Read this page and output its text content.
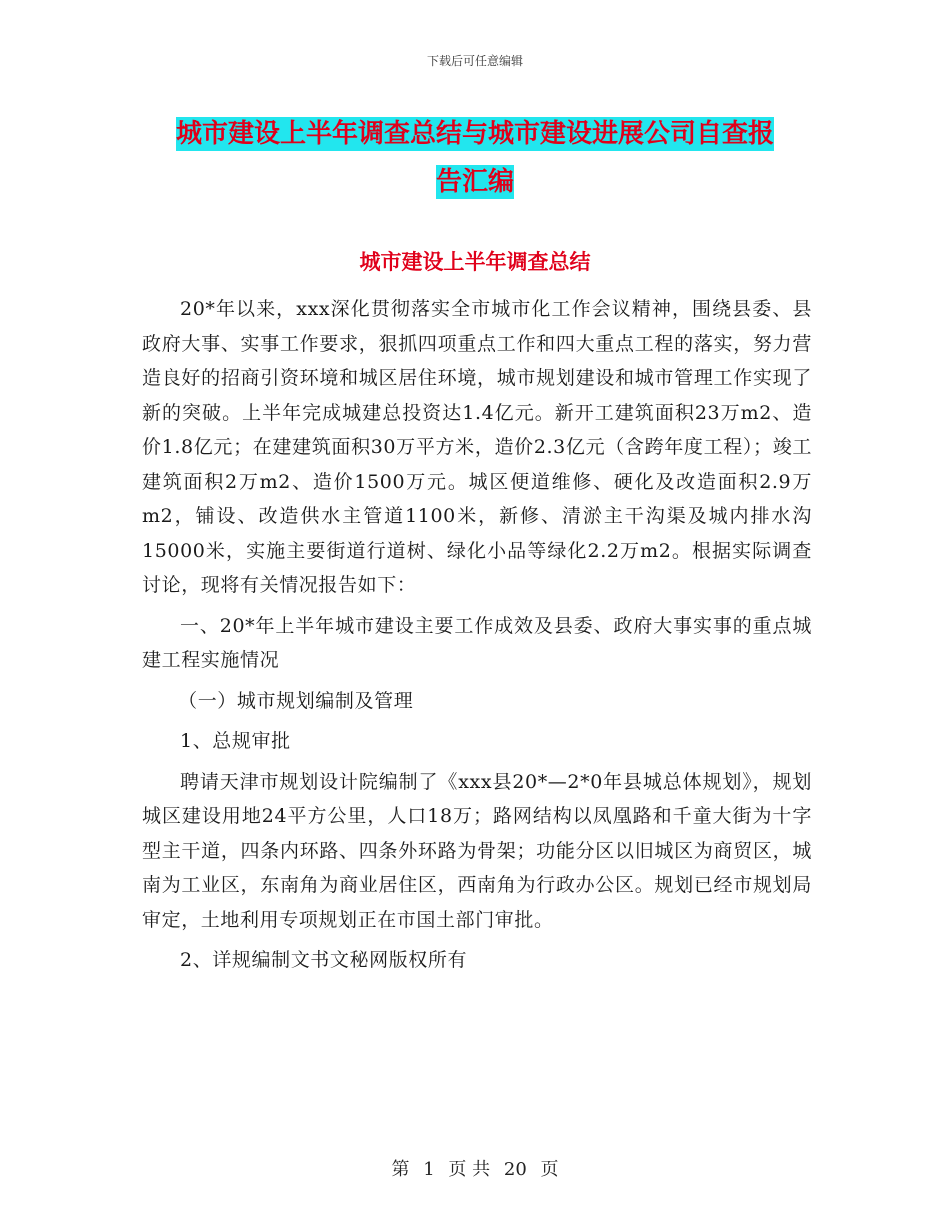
下载后可任意编辑
城市建设上半年调查总结与城市建设进展公司自查报
告汇编
城市建设上半年调查总结

20*年以来，xxx深化贯彻落实全市城市化工作会议精神，围绕县委、县政府大事、实事工作要求，狠抓四项重点工作和四大重点工程的落实，努力营造良好的招商引资环境和城区居住环境，城市规划建设和城市管理工作实现了新的突破。上半年完成城建总投资达1.4亿元。新开工建筑面积23万m2、造价1.8亿元；在建建筑面积30万平方米，造价2.3亿元（含跨年度工程）；竣工建筑面积2万m2、造价1500万元。城区便道维修、硬化及改造面积2.9万m2，铺设、改造供水主管道1100米，新修、清淤主干沟渠及城内排水沟15000米，实施主要街道行道树、绿化小品等绿化2.2万m2。根据实际调查讨论，现将有关情况报告如下：

一、20*年上半年城市建设主要工作成效及县委、政府大事实事的重点城建工程实施情况

（一）城市规划编制及管理

1、总规审批

聘请天津市规划设计院编制了《xxx县20*—2*0年县城总体规划》，规划城区建设用地24平方公里，人口18万；路网结构以凤凰路和千童大街为十字型主干道，四条内环路、四条外环路为骨架；功能分区以旧城区为商贸区，城南为工业区，东南角为商业居住区，西南角为行政办公区。规划已经市规划局审定，土地利用专项规划正在市国土部门审批。

2、详规编制文书文秘网版权所有

第 1 页 共 20 页
